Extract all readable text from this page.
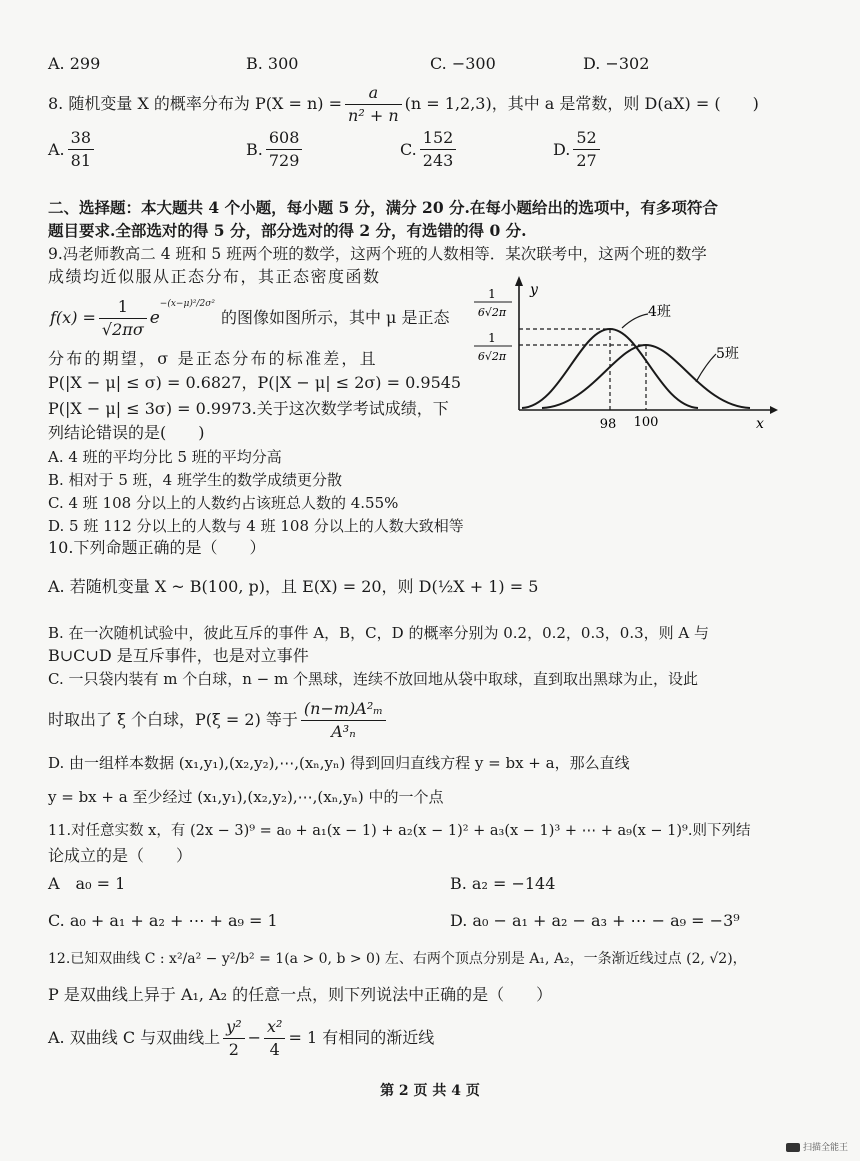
A. 299	B. 300	C. −300	D. −302
8. 随机变量 X 的概率分布为 $P(X = n) = \frac{a}{\text{n² + n}} (n = 1,2,3)$，其中 a 是常数，则 D(aX) = (　　)
A. $\frac{38}{81}$	B. $\frac{608}{729}$	C. $\frac{152}{243}$	D. $\frac{52}{27}$
二、选择题：本大题共 4 个小题，每小题 5 分，满分 20 分.在每小题给出的选项中，有多项符合
题目要求.全部选对的得 5 分，部分选对的得 2 分，有选错的得 0 分.
9.冯老师教高二 4 班和 5 班两个班的数学，这两个班的人数相等．某次联考中，这两个班的数学
成绩均近似服从正态分布，其正态密度函数
$f(x) = \frac{1}{√2\pi\sigma}$ e
−(x−μ)²/2σ²
的图像如图所示，其中 μ 是正态
分布的期望，σ 是正态分布的标准差，且
P(|X − μ| ≤ σ) = 0.6827，P(|X − μ| ≤ 2σ) = 0.9545
P(|X − μ| ≤ 3σ) = 0.9973.关于这次数学考试成绩，下
列结论错误的是(　　)
A. 4 班的平均分比 5 班的平均分高
B. 相对于 5 班，4 班学生的数学成绩更分散
C. 4 班 108 分以上的人数约占该班总人数的 4.55%
D. 5 班 112 分以上的人数与 4 班 108 分以上的人数大致相等
y
x
4班
5班
1
6√2π
1
6√2π
98 100
10.下列命题正确的是（　　）
A. 若随机变量 X ~ B(100, p)，且 E(X) = 20，则 D(½X + 1) = 5
B. 在一次随机试验中，彼此互斥的事件 A，B，C，D 的概率分别为 0.2，0.2，0.3，0.3，则 A 与
B∪C∪D 是互斥事件，也是对立事件
C. 一只袋内装有 m 个白球，n − m 个黑球，连续不放回地从袋中取球，直到取出黑球为止，设此
时取出了 ξ 个白球，P(ξ = 2) 等于 $\frac{\text{(n−m)A²ₘ}}{\text{A³ₙ}}$
D. 由一组样本数据 (x₁,y₁),(x₂,y₂),⋯,(xₙ,yₙ) 得到回归直线方程 y = bx + a，那么直线
y = bx + a 至少经过 (x₁,y₁),(x₂,y₂),⋯,(xₙ,yₙ) 中的一个点
11.对任意实数 x，有 (2x − 3)⁹ = a₀ + a₁(x − 1) + a₂(x − 1)² + a₃(x − 1)³ + ⋯ + a₉(x − 1)⁹.则下列结
论成立的是（　　）
A　a₀ = 1	B. a₂ = −144
C. a₀ + a₁ + a₂ + ⋯ + a₉ = 1	D. a₀ − a₁ + a₂ − a₃ + ⋯ − a₉ = −3⁹
12.已知双曲线 C : x²/a² − y²/b² = 1(a > 0, b > 0) 左、右两个顶点分别是 A₁, A₂，一条渐近线过点 (2, √2)，
P 是双曲线上异于 A₁, A₂ 的任意一点，则下列说法中正确的是（　　）
A. 双曲线 C 与双曲线上 $\frac{\text{y²}}{2} - \frac{\text{x²}}{4} = 1$ 有相同的渐近线
第 2 页 共 4 页
扫描全能王
